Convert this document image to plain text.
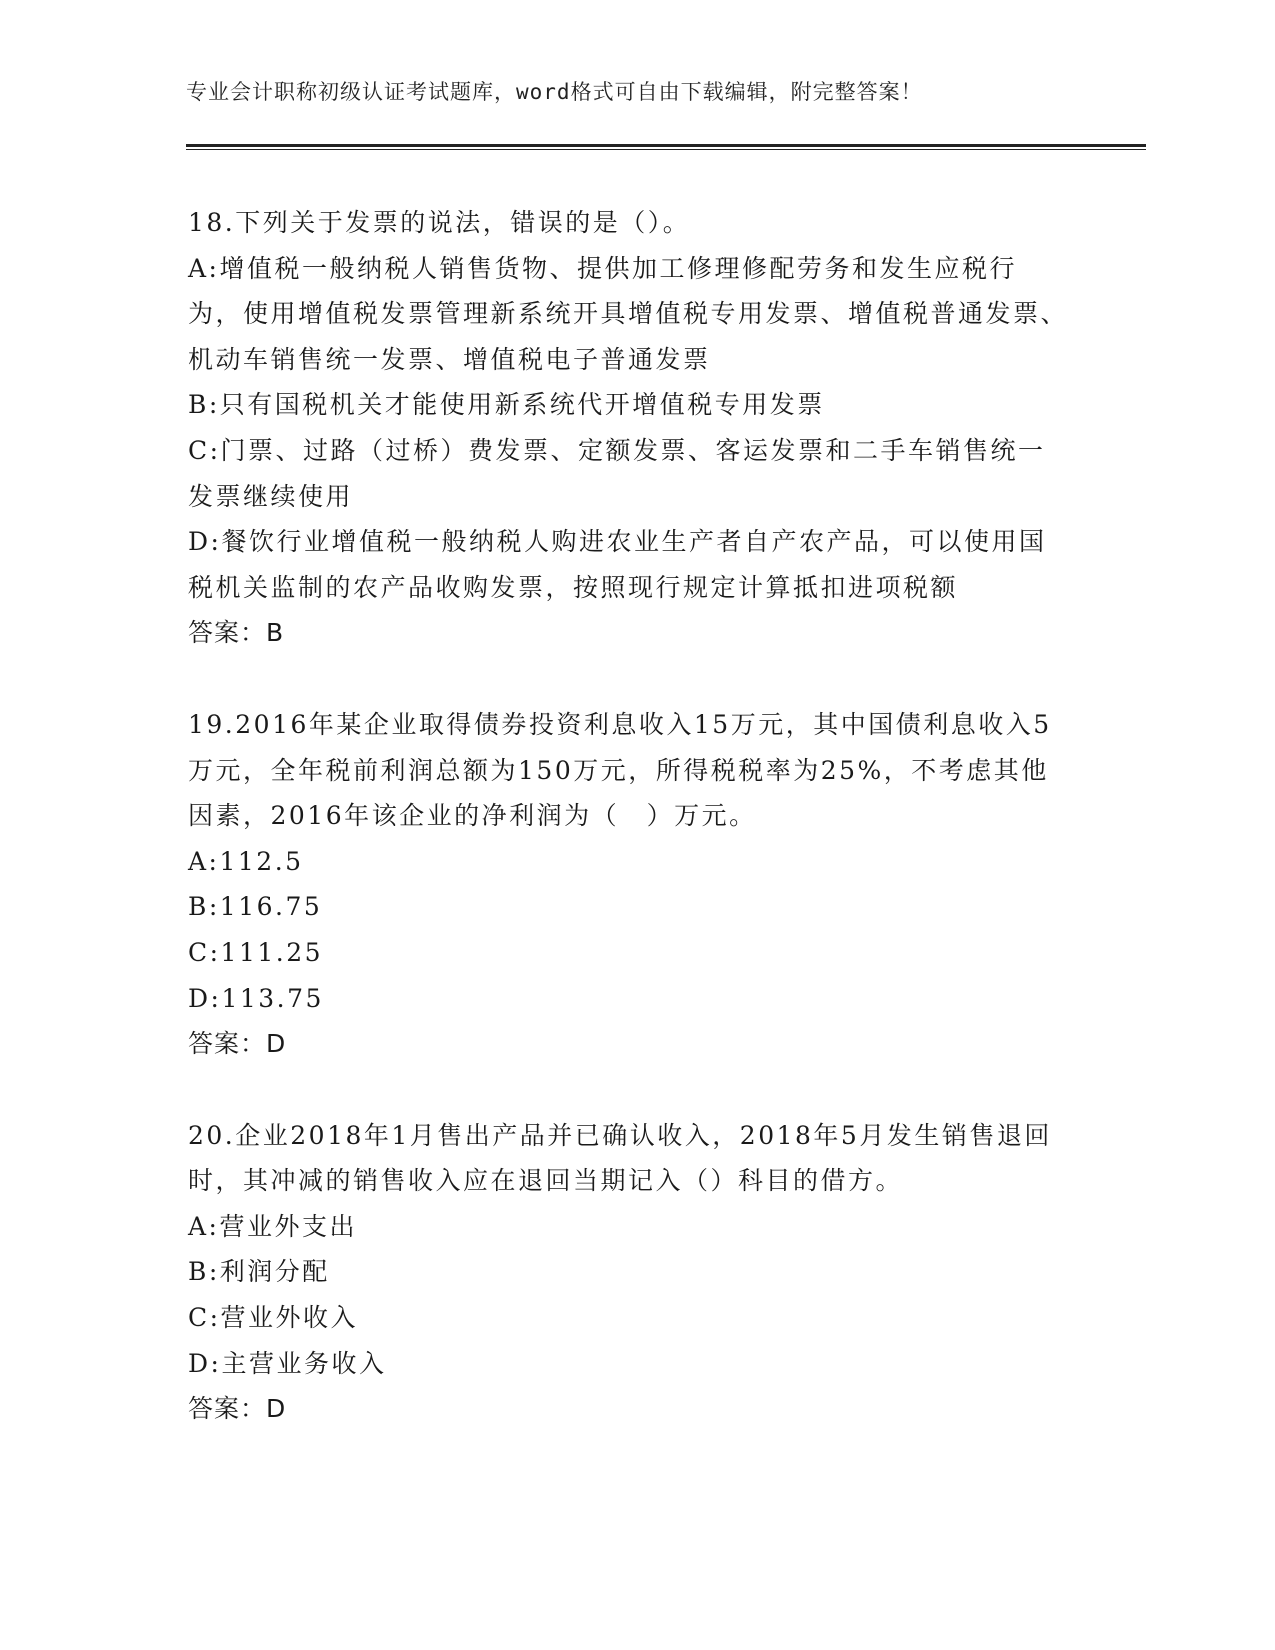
专业会计职称初级认证考试题库，word格式可自由下载编辑，附完整答案！
18.下列关于发票的说法，错误的是（）。
A:增值税一般纳税人销售货物、提供加工修理修配劳务和发生应税行为，使用增值税发票管理新系统开具增值税专用发票、增值税普通发票、机动车销售统一发票、增值税电子普通发票
B:只有国税机关才能使用新系统代开增值税专用发票
C:门票、过路（过桥）费发票、定额发票、客运发票和二手车销售统一发票继续使用
D:餐饮行业增值税一般纳税人购进农业生产者自产农产品，可以使用国税机关监制的农产品收购发票，按照现行规定计算抵扣进项税额
答案：B
19.2016年某企业取得债券投资利息收入15万元，其中国债利息收入5万元，全年税前利润总额为150万元，所得税税率为25%，不考虑其他因素，2016年该企业的净利润为（　）万元。
A:112.5
B:116.75
C:111.25
D:113.75
答案：D
20.企业2018年1月售出产品并已确认收入，2018年5月发生销售退回时，其冲减的销售收入应在退回当期记入（）科目的借方。
A:营业外支出
B:利润分配
C:营业外收入
D:主营业务收入
答案：D
